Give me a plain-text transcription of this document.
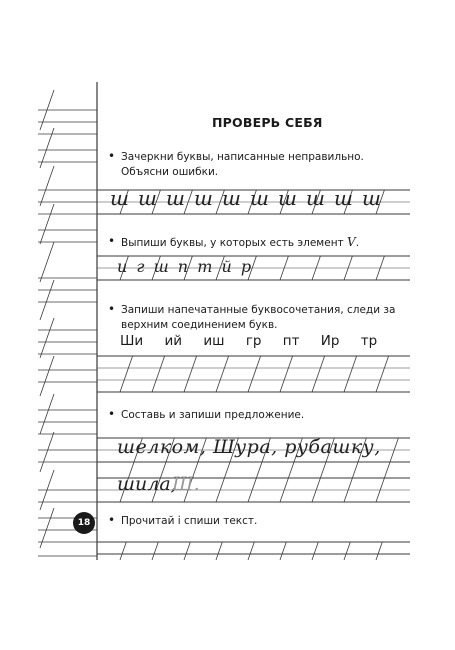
ПРОВЕРЬ СЕБЯ
• Зачеркни буквы, написанные неправильно.
Объясни ошибки.
ш ш ш ш ш ш ш ш ш ш
• Выпиши буквы, у которых есть элемент V.
и г ш п т й р
• Запиши напечатанные буквосочетания, следи за
верхним соединением букв.
Ши ий иш гр пт Ир тр
• Составь и запиши предложение.
шелком, Шура, рубашку,
шила,
Ш.
• Прочитай і спиши текст.
18
